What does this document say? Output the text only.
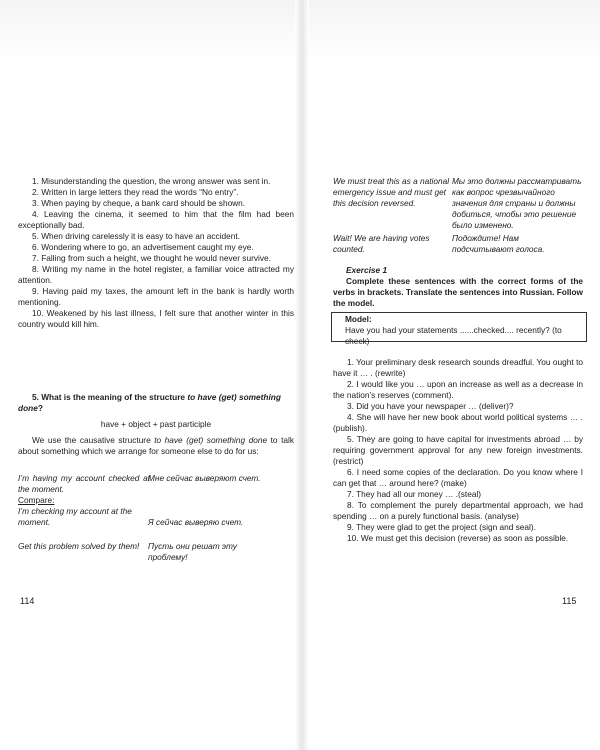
1. Misunderstanding the question, the wrong answer was sent in.

2. Written in large letters they read the words “No entry”.

3. When paying by cheque, a bank card should be shown.

4. Leaving the cinema, it seemed to him that the film had been exceptionally bad.

5. When driving carelessly it is easy to have an accident.

6. Wondering where to go, an advertisement caught my eye.

7. Falling from such a height, we thought he would never survive.

8. Writing my name in the hotel register, a familiar voice attracted my attention.

9. Having paid my taxes, the amount left in the bank is hardly worth mentioning.

10. Weakened by his last illness, I felt sure that another winter in this country would kill him.

5. What is the meaning of the structure to have (get) something done?
have + object + past participle
We use the causative structure to have (get) something done to talk about something which we arrange for someone else to do for us:
I’m having my account checked at the moment.
Мне сейчас выверяют счет.
Compare:
I’m checking my account at the moment.	Я сейчас выверяю счет.
Get this problem solved by them!	Пусть они решат эту проблему!
114
We must treat this as a national emergency issue and must get this decision reversed.
Мы это должны рассматривать как вопрос чрезвычайного значения для страны и должны добиться, чтобы это решение было изменено.
Wait! We are having votes counted.
Подождите! Нам подсчитывают голоса.
Exercise 1
Complete these sentences with the correct forms of the verbs in brackets. Translate the sentences into Russian. Follow the model.
Model:
Have you had your statements ......checked.... recently? (to check)

1. Your preliminary desk research sounds dreadful. You ought to have it … . (rewrite)

2. I would like you … upon an increase as well as a decrease in the nation’s reserves (comment).

3. Did you have your newspaper … (deliver)?

4. She will have her new book about world political systems … . (publish).

5. They are going to have capital for investments abroad … by requiring government approval for any new foreign investments. (restrict)

6. I need some copies of the declaration. Do you know where I can get that … around here? (make)

7. They had all our money … .(steal)

8. To complement the purely departmental approach, we had spending … on a purely functional basis. (analyse)

9. They were glad to get the project (sign and seal).

10. We must get this decision (reverse) as soon as possible.

115
